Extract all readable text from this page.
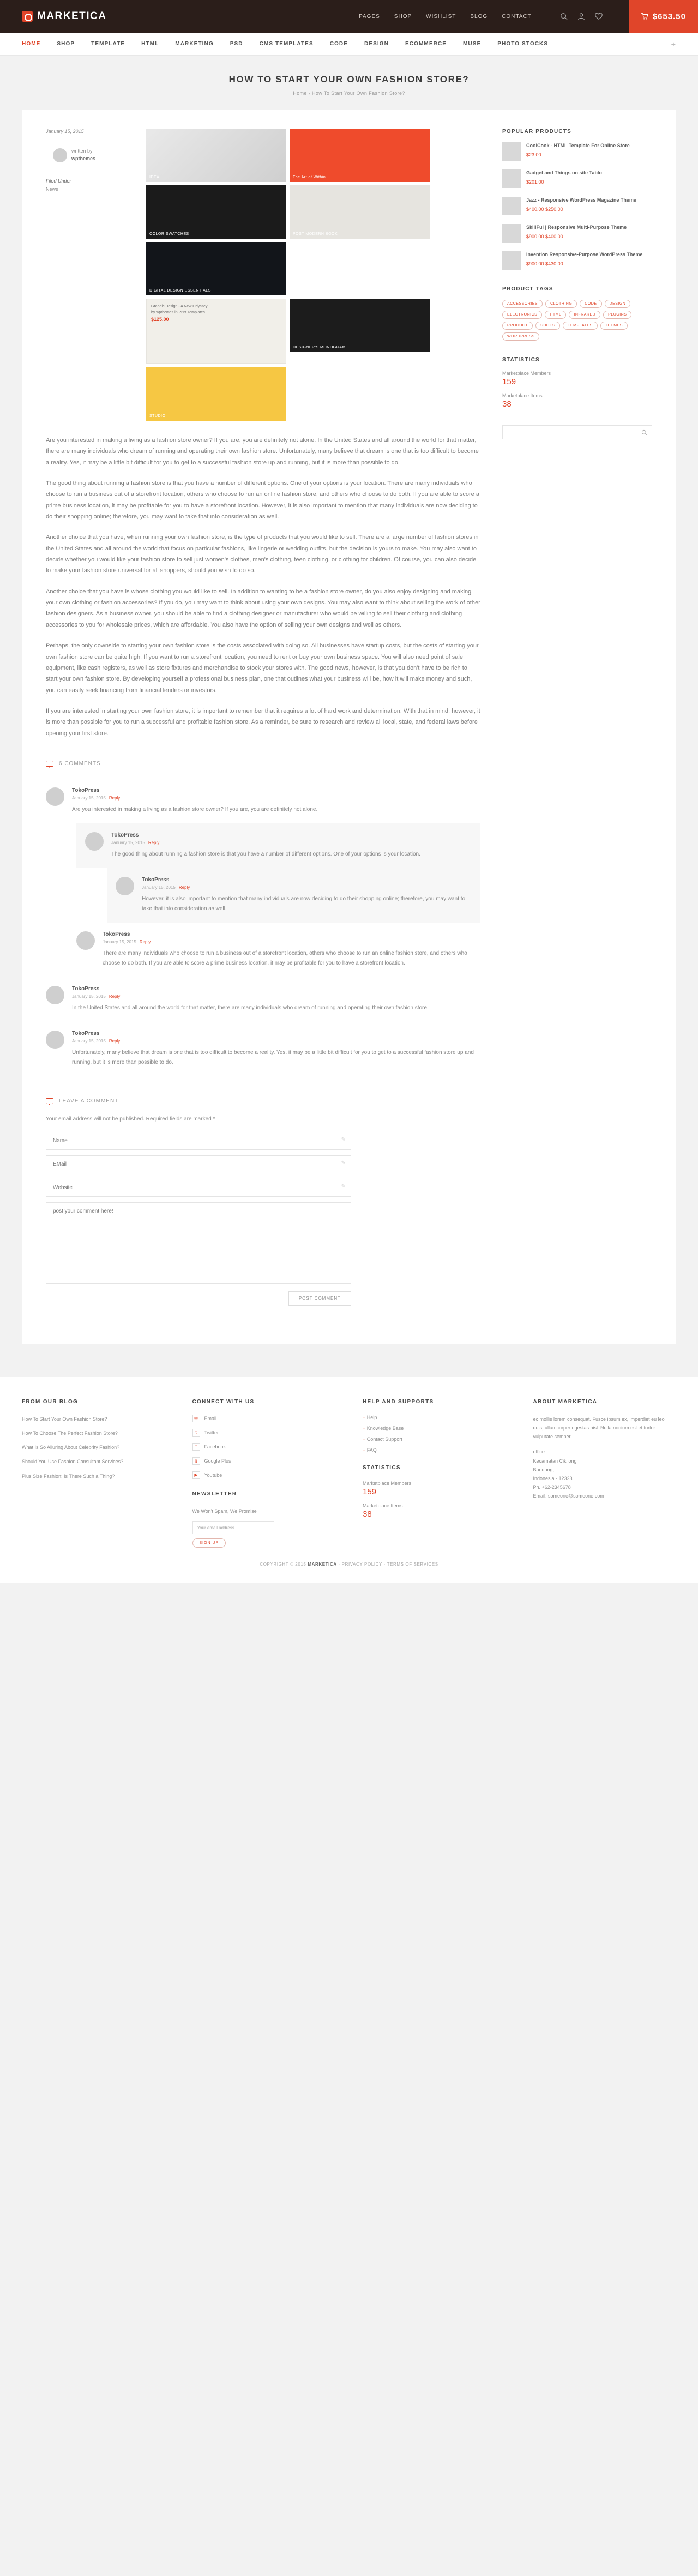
MARKETICA	PAGES	SHOP	WISHLIST	BLOG	CONTACT	$653.50
HOME	SHOP	TEMPLATE	HTML	MARKETING	PSD	CMS TEMPLATES	CODE	DESIGN	ECOMMERCE	MUSE	PHOTO STOCKS	+
HOW TO START YOUR OWN FASHION STORE?
Home › How To Start Your Own Fashion Store?
January 15, 2015
written by
wpthemes
Filed Under
News
IDEA	The Art of Within
COLOR SWATCHES	POST MODERN BOOK
DIGITAL DESIGN ESSENTIALS
Graphic Design - A New Odyssey
by wpthemes in Print Templates
$125.00
DESIGNER'S MONOGRAM
STUDIO

Are you interested in making a living as a fashion store owner? If you are, you are definitely not alone. In the United States and all around the world for that matter, there are many individuals who dream of running and operating their own fashion store. Unfortunately, many believe that dream is one that is too difficult to become a reality. Yes, it may be a little bit difficult for you to get to a successful fashion store up and running, but it is more than possible to do.

The good thing about running a fashion store is that you have a number of different options. One of your options is your location. There are many individuals who choose to run a business out of a storefront location, others who choose to run an online fashion store, and others who choose to do both. If you are able to score a prime business location, it may be profitable for you to have a storefront location. However, it is also important to mention that many individuals are now deciding to do their shopping online; therefore, you may want to take that into consideration as well.

Another choice that you have, when running your own fashion store, is the type of products that you would like to sell. There are a large number of fashion stores in the United States and all around the world that focus on particular fashions, like lingerie or wedding outfits, but the decision is yours to make. You may also want to decide whether you would like your fashion store to sell just women's clothes, men's clothing, teen clothing, or clothing for children. Of course, you can also decide to make your fashion store universal for all shoppers, should you wish to do so.

Another choice that you have is whose clothing you would like to sell. In addition to wanting to be a fashion store owner, do you also enjoy designing and making your own clothing or fashion accessories? If you do, you may want to think about using your own designs. You may also want to think about selling the work of other fashion designers. As a business owner, you should be able to find a clothing designer or manufacturer who would be willing to sell their clothing and clothing accessories to you for wholesale prices, which are affordable. You also have the option of selling your own designs and well as others.

Perhaps, the only downside to starting your own fashion store is the costs associated with doing so. All businesses have startup costs, but the costs of starting your own fashion store can be quite high. If you want to run a storefront location, you need to rent or buy your own business space. You will also need point of sale equipment, like cash registers, as well as store fixtures and merchandise to stock your stores with. The good news, however, is that you don't have to be rich to start your own fashion store. By developing yourself a professional business plan, one that outlines what your business will be, how it will make money and such, you can easily seek financing from financial lenders or investors.

If you are interested in starting your own fashion store, it is important to remember that it requires a lot of hard work and determination. With that in mind, however, it is more than possible for you to run a successful and profitable fashion store. As a reminder, be sure to research and review all local, state, and federal laws before opening your first store.

6 COMMENTS
TokoPress
January 15, 2015 Reply
Are you interested in making a living as a fashion store owner? If you are, you are definitely not alone.
TokoPress
January 15, 2015 Reply
The good thing about running a fashion store is that you have a number of different options. One of your options is your location.
TokoPress
January 15, 2015 Reply
However, it is also important to mention that many individuals are now deciding to do their shopping online; therefore, you may want to take that into consideration as well.
TokoPress
January 15, 2015 Reply
There are many individuals who choose to run a business out of a storefront location, others who choose to run an online fashion store, and others who choose to do both. If you are able to score a prime business location, it may be profitable for you to have a storefront location.
TokoPress
January 15, 2015 Reply
In the United States and all around the world for that matter, there are many individuals who dream of running and operating their own fashion store.
TokoPress
January 15, 2015 Reply
Unfortunately, many believe that dream is one that is too difficult to become a reality. Yes, it may be a little bit difficult for you to get to a successful fashion store up and running, but it is more than possible to do.
LEAVE A COMMENT
Your email address will not be published. Required fields are marked *
Name
✎
EMail
✎
Website
✎
post your comment here!
POST COMMENT
POPULAR PRODUCTS
CoolCook - HTML Template For Online Store
$23.00
Gadget and Things on site Tablo
$201.00
Jazz - Responsive WordPress Magazine Theme
$400.00 $250.00
SkillFul | Responsive Multi-Purpose Theme
$900.00 $400.00
Invention Responsive-Purpose WordPress Theme
$900.00 $430.00
PRODUCT TAGS
ACCESSORIES	CLOTHING	CODE	DESIGN
ELECTRONICS	HTML	INFRARED	PLUGINS
PRODUCT	SHOES	TEMPLATES	THEMES
WORDPRESS
STATISTICS
Marketplace Members
159
Marketplace Items
38
FROM OUR BLOG
How To Start Your Own Fashion Store?
How To Choose The Perfect Fashion Store?
What Is So Alluring About Celebrity Fashion?
Should You Use Fashion Consultant Services?
Plus Size Fashion: Is There Such a Thing?
CONNECT WITH US
✉	Email
t	Twitter
f	Facebook
g	Google Plus
▶	Youtube
NEWSLETTER
We Won't Spam, We Promise
Your email address
SIGN UP
HELP AND SUPPORTS
+ Help
+ Knowledge Base
+ Contact Support
+ FAQ
STATISTICS
Marketplace Members
159
Marketplace Items
38
ABOUT MARKETICA
ec mollis lorem consequat. Fusce ipsum ex, imperdiet eu leo quis, ullamcorper egestas nisl. Nulla nonium est et tortor vulputate semper.
office:
Kecamatan Cikilong
Bandung,
Indonesia - 12323
Ph. +62-2345678
Email: someone@someone.com
COPYRIGHT © 2015 MARKETICA · PRIVACY POLICY · TERMS OF SERVICES
